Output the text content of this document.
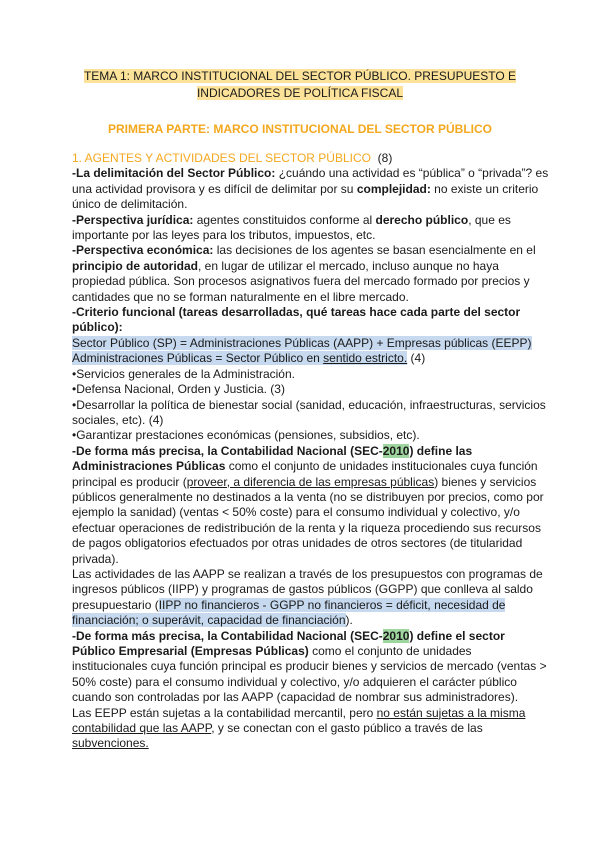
TEMA 1: MARCO INSTITUCIONAL DEL SECTOR PÚBLICO. PRESUPUESTO E
INDICADORES DE POLÍTICA FISCAL
PRIMERA PARTE: MARCO INSTITUCIONAL DEL SECTOR PÚBLICO

1. AGENTES Y ACTIVIDADES DEL SECTOR PÚBLICO (8)

-La delimitación del Sector Público: ¿cuándo una actividad es “pública” o “privada”? es una actividad provisora y es difícil de delimitar por su complejidad: no existe un criterio único de delimitación.

-Perspectiva jurídica: agentes constituidos conforme al derecho público, que es importante por las leyes para los tributos, impuestos, etc.

-Perspectiva económica: las decisiones de los agentes se basan esencialmente en el principio de autoridad, en lugar de utilizar el mercado, incluso aunque no haya propiedad pública. Son procesos asignativos fuera del mercado formado por precios y cantidades que no se forman naturalmente en el libre mercado.

-Criterio funcional (tareas desarrolladas, qué tareas hace cada parte del sector público):

Sector Público (SP) = Administraciones Públicas (AAPP) + Empresas públicas (EEPP)

Administraciones Públicas = Sector Público en sentido estricto. (4)

•Servicios generales de la Administración.

•Defensa Nacional, Orden y Justicia. (3)

•Desarrollar la política de bienestar social (sanidad, educación, infraestructuras, servicios sociales, etc). (4)

•Garantizar prestaciones económicas (pensiones, subsidios, etc).

-De forma más precisa, la Contabilidad Nacional (SEC-2010) define las Administraciones Públicas como el conjunto de unidades institucionales cuya función principal es producir (proveer, a diferencia de las empresas públicas) bienes y servicios públicos generalmente no destinados a la venta (no se distribuyen por precios, como por ejemplo la sanidad) (ventas < 50% coste) para el consumo individual y colectivo, y/o efectuar operaciones de redistribución de la renta y la riqueza procediendo sus recursos de pagos obligatorios efectuados por otras unidades de otros sectores (de titularidad privada).

Las actividades de las AAPP se realizan a través de los presupuestos con programas de ingresos públicos (IIPP) y programas de gastos públicos (GGPP) que conlleva al saldo presupuestario (IIPP no financieros - GGPP no financieros = déficit, necesidad de financiación; o superávit, capacidad de financiación).

-De forma más precisa, la Contabilidad Nacional (SEC-2010) define el sector Público Empresarial (Empresas Públicas) como el conjunto de unidades institucionales cuya función principal es producir bienes y servicios de mercado (ventas > 50% coste) para el consumo individual y colectivo, y/o adquieren el carácter público cuando son controladas por las AAPP (capacidad de nombrar sus administradores).

Las EEPP están sujetas a la contabilidad mercantil, pero no están sujetas a la misma contabilidad que las AAPP, y se conectan con el gasto público a través de las subvenciones.
